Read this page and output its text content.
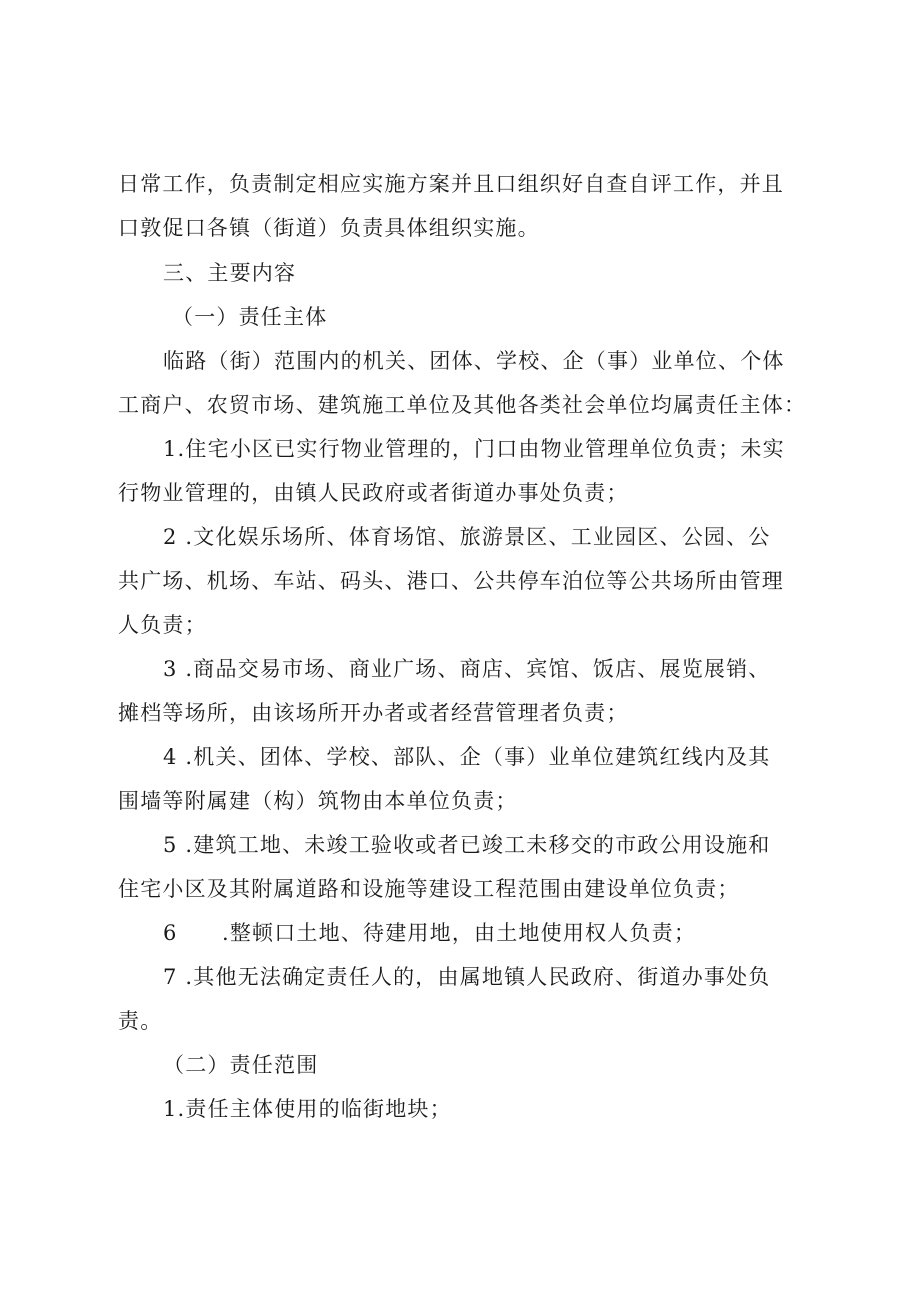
日常工作，负责制定相应实施方案并且口组织好自查自评工作，并且
口敦促口各镇（街道）负责具体组织实施。
三、主要内容
（一）责任主体
临路（街）范围内的机关、团体、学校、企（事）业单位、个体
工商户、农贸市场、建筑施工单位及其他各类社会单位均属责任主体：
1.住宅小区已实行物业管理的，门口由物业管理单位负责；未实
行物业管理的，由镇人民政府或者街道办事处负责；
2 .文化娱乐场所、体育场馆、旅游景区、工业园区、公园、公
共广场、机场、车站、码头、港口、公共停车泊位等公共场所由管理
人负责；
3 .商品交易市场、商业广场、商店、宾馆、饭店、展览展销、
摊档等场所，由该场所开办者或者经营管理者负责；
4 .机关、团体、学校、部队、企（事）业单位建筑红线内及其
围墙等附属建（构）筑物由本单位负责；
5 .建筑工地、未竣工验收或者已竣工未移交的市政公用设施和
住宅小区及其附属道路和设施等建设工程范围由建设单位负责；
6　　.整顿口土地、待建用地，由土地使用权人负责；
7 .其他无法确定责任人的，由属地镇人民政府、街道办事处负
责。
（二）责任范围
1.责任主体使用的临街地块；
